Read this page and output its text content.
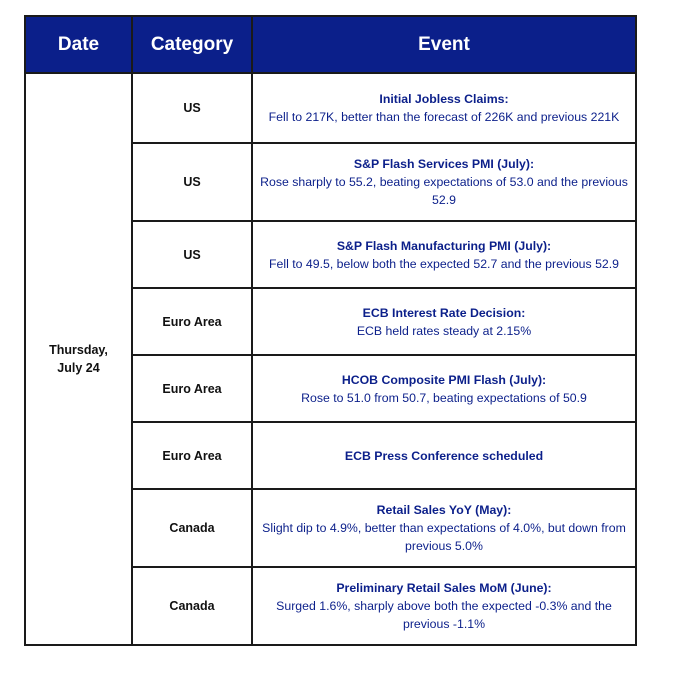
Date	Category	Event

Thursday,
July 24	US	Initial Jobless Claims:
Fell to 217K, better than the forecast of 226K and previous 221K

	US	S&P Flash Services PMI (July):
Rose sharply to 55.2, beating expectations of 53.0 and the previous 52.9

	US	S&P Flash Manufacturing PMI (July):
Fell to 49.5, below both the expected 52.7 and the previous 52.9

	Euro Area	ECB Interest Rate Decision:
ECB held rates steady at 2.15%

	Euro Area	HCOB Composite PMI Flash (July):
Rose to 51.0 from 50.7, beating expectations of 50.9

	Euro Area	ECB Press Conference scheduled

	Canada	Retail Sales YoY (May):
Slight dip to 4.9%, better than expectations of 4.0%, but down from previous 5.0%

	Canada	Preliminary Retail Sales MoM (June):
Surged 1.6%, sharply above both the expected -0.3% and the previous -1.1%
